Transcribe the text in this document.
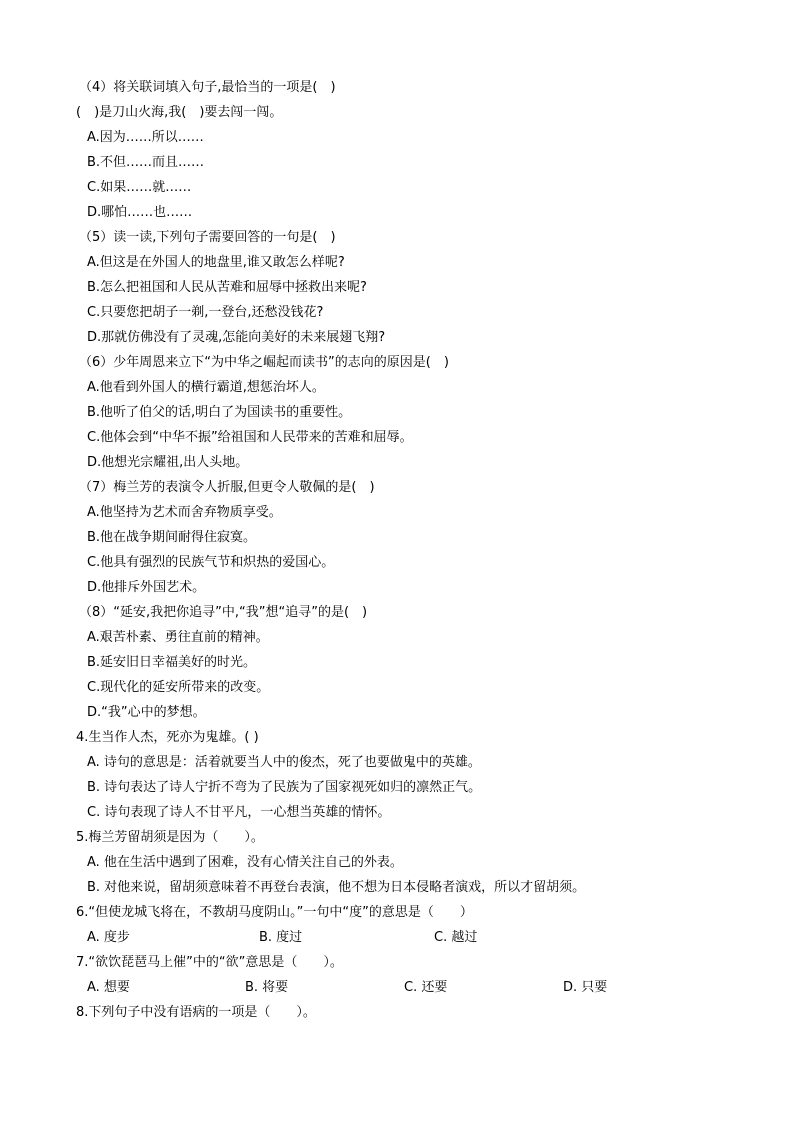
（4）将关联词填入句子,最恰当的一项是(　)
(　)是刀山火海,我(　)要去闯一闯。
A.因为……所以……
B.不但……而且……
C.如果……就……
D.哪怕……也……
（5）读一读,下列句子需要回答的一句是(　)
A.但这是在外国人的地盘里,谁又敢怎么样呢?
B.怎么把祖国和人民从苦难和屈辱中拯救出来呢?
C.只要您把胡子一剃,一登台,还愁没钱花?
D.那就仿佛没有了灵魂,怎能向美好的未来展翅飞翔?
（6）少年周恩来立下“为中华之崛起而读书”的志向的原因是(　)
A.他看到外国人的横行霸道,想惩治坏人。
B.他听了伯父的话,明白了为国读书的重要性。
C.他体会到“中华不振”给祖国和人民带来的苦难和屈辱。
D.他想光宗耀祖,出人头地。
（7）梅兰芳的表演令人折服,但更令人敬佩的是(　)
A.他坚持为艺术而舍弃物质享受。
B.他在战争期间耐得住寂寞。
C.他具有强烈的民族气节和炽热的爱国心。
D.他排斥外国艺术。
（8）“延安,我把你追寻”中,“我”想“追寻”的是(　)
A.艰苦朴素、勇往直前的精神。
B.延安旧日幸福美好的时光。
C.现代化的延安所带来的改变。
D.“我”心中的梦想。
4.生当作人杰，死亦为鬼雄。( )
A. 诗句的意思是：活着就要当人中的俊杰，死了也要做鬼中的英雄。
B. 诗句表达了诗人宁折不弯为了民族为了国家视死如归的凛然正气。
C. 诗句表现了诗人不甘平凡，一心想当英雄的情怀。
5.梅兰芳留胡须是因为（　　）。
A. 他在生活中遇到了困难，没有心情关注自己的外表。
B. 对他来说，留胡须意味着不再登台表演，他不想为日本侵略者演戏，所以才留胡须。
6.“但使龙城飞将在，不教胡马度阴山。”一句中“度”的意思是（　　）
A. 度步	B. 度过	C. 越过
7.“欲饮琵琶马上催”中的“欲”意思是（　　）。
A. 想要	B. 将要	C. 还要	D. 只要
8.下列句子中没有语病的一项是（　　）。
